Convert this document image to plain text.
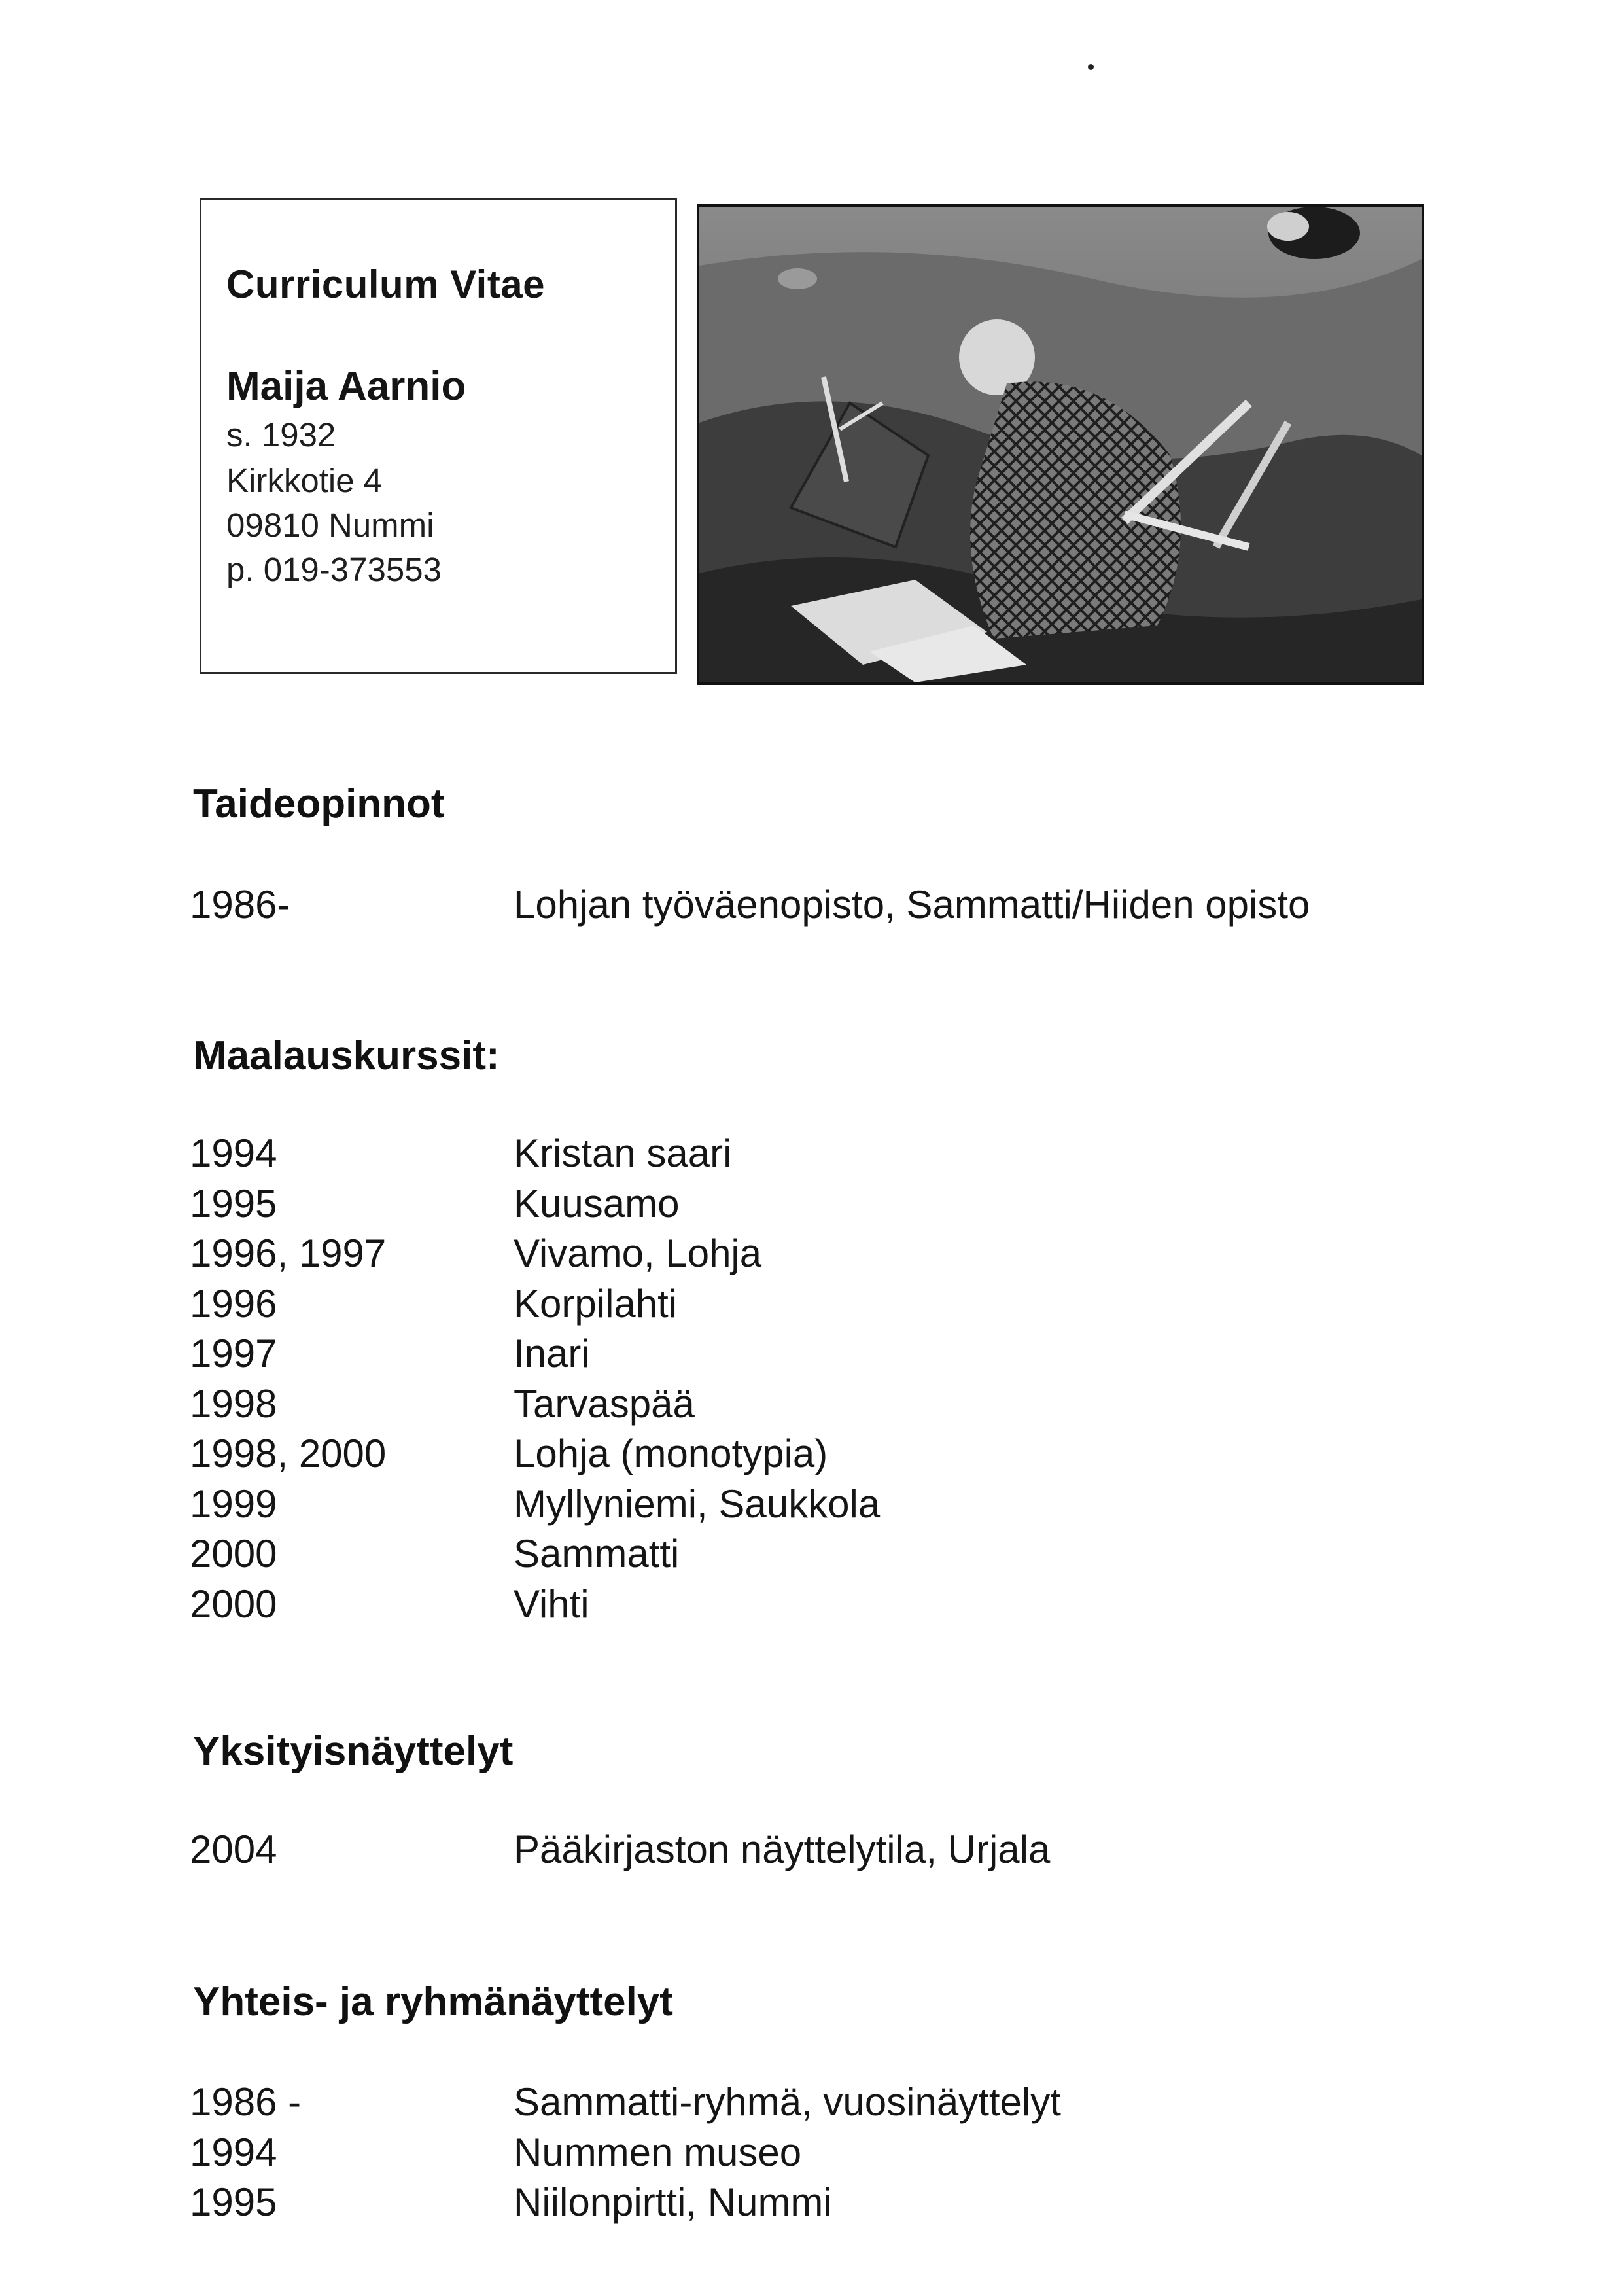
Curriculum Vitae
Maija Aarnio
s. 1932
Kirkkotie 4
09810 Nummi
p. 019-373553
Taideopinnot
1986-	Lohjan työväenopisto, Sammatti/Hiiden opisto
Maalauskurssit:
1994	Kristan saari
1995	Kuusamo
1996, 1997	Vivamo, Lohja
1996	Korpilahti
1997	Inari
1998	Tarvaspää
1998, 2000	Lohja (monotypia)
1999	Myllyniemi, Saukkola
2000	Sammatti
2000	Vihti
Yksityisnäyttelyt
2004	Pääkirjaston näyttelytila, Urjala
Yhteis- ja ryhmänäyttelyt
1986 -	Sammatti-ryhmä, vuosinäyttelyt
1994	Nummen museo
1995	Niilonpirtti, Nummi
